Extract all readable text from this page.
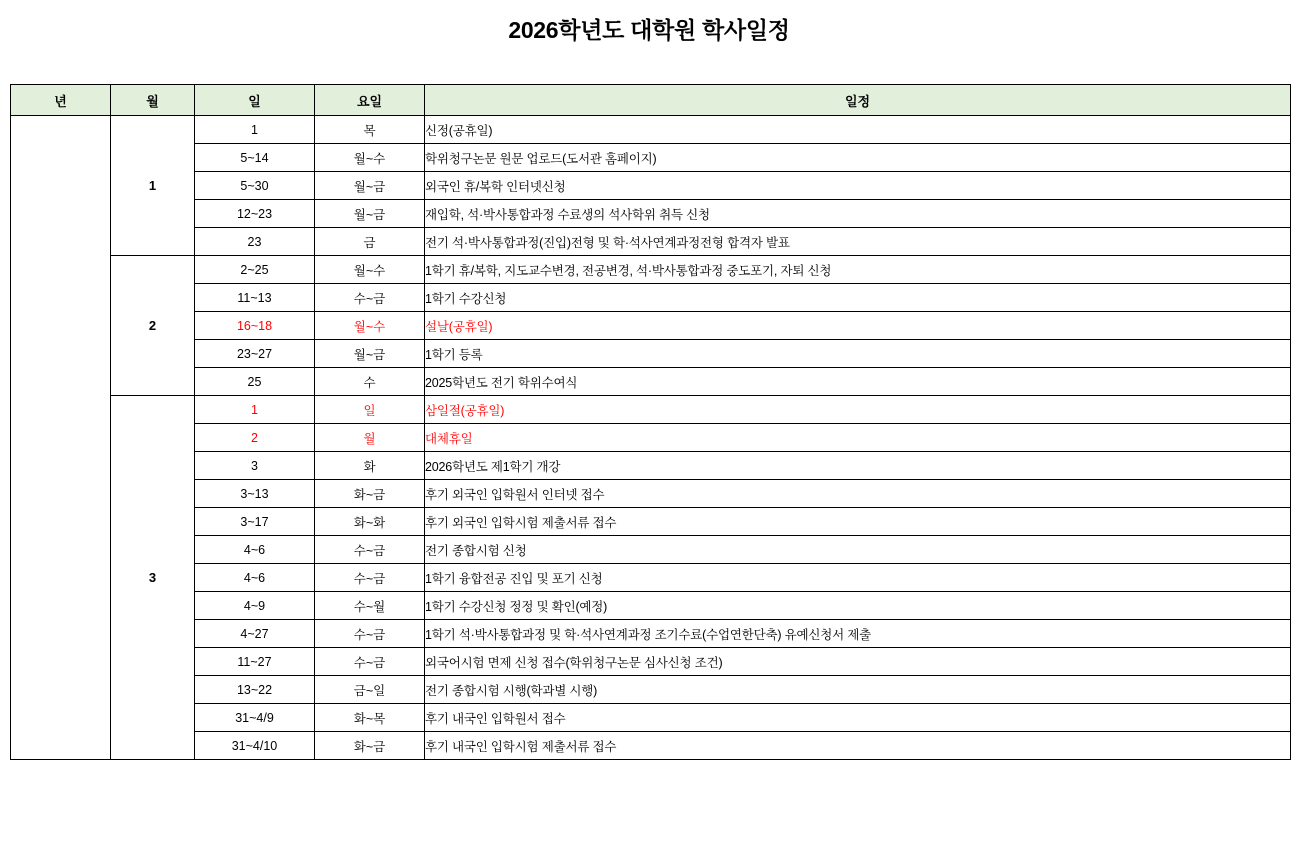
2026학년도 대학원 학사일정
년	월	일	요일	일정
	1	1	목	신정(공휴일)
		5~14	월~수	학위청구논문 원문 업로드(도서관 홈페이지)
		5~30	월~금	외국인 휴/복학 인터넷신청
		12~23	월~금	재입학, 석·박사통합과정 수료생의 석사학위 취득 신청
		23	금	전기 석·박사통합과정(진입)전형 및 학·석사연계과정전형 합격자 발표
	2	2~25	월~수	1학기 휴/복학, 지도교수변경, 전공변경, 석·박사통합과정 중도포기, 자퇴 신청
		11~13	수~금	1학기 수강신청
		16~18	월~수	설날(공휴일)
		23~27	월~금	1학기 등록
		25	수	2025학년도 전기 학위수여식
	3	1	일	삼일절(공휴일)
		2	월	대체휴일
		3	화	2026학년도 제1학기 개강
		3~13	화~금	후기 외국인 입학원서 인터넷 접수
		3~17	화~화	후기 외국인 입학시험 제출서류 접수
		4~6	수~금	전기 종합시험 신청
		4~6	수~금	1학기 융합전공 진입 및 포기 신청
		4~9	수~월	1학기 수강신청 정정 및 확인(예정)
		4~27	수~금	1학기 석·박사통합과정 및 학·석사연계과정 조기수료(수업연한단축) 유예신청서 제출
		11~27	수~금	외국어시험 면제 신청 접수(학위청구논문 심사신청 조건)
		13~22	금~일	전기 종합시험 시행(학과별 시행)
		31~4/9	화~목	후기 내국인 입학원서 접수
		31~4/10	화~금	후기 내국인 입학시험 제출서류 접수
